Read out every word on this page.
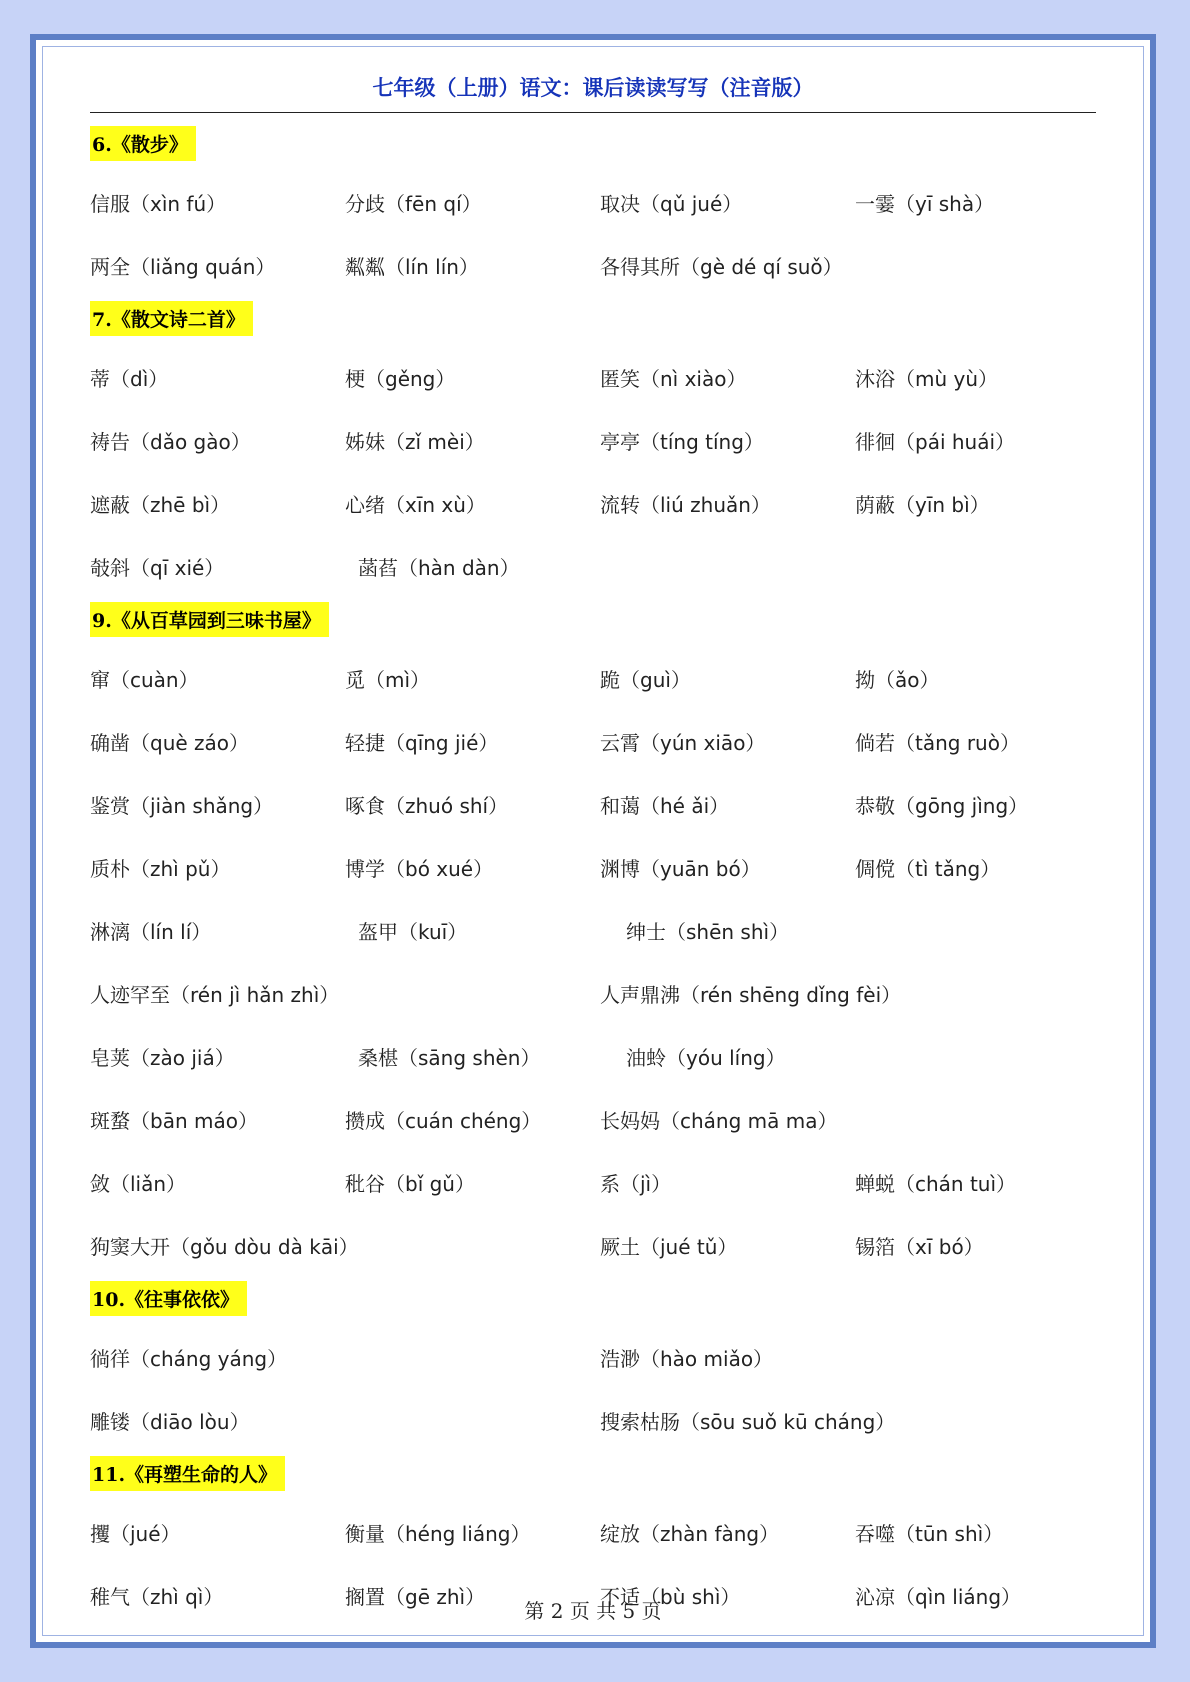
七年级（上册）语文：课后读读写写（注音版）
6.《散步》
信服（xìn fú）	分歧（fēn qí）	取决（qǔ jué）	一霎（yī shà）
两全（liǎng quán）	粼粼（lín lín）	各得其所（gè dé qí suǒ）
7.《散文诗二首》
蒂（dì）	梗（gěng）	匿笑（nì xiào）	沐浴（mù yù）
祷告（dǎo gào）	姊妹（zǐ mèi）	亭亭（tíng tíng）	徘徊（pái huái）
遮蔽（zhē bì）	心绪（xīn xù）	流转（liú zhuǎn）	荫蔽（yīn bì）
攲斜（qī xié）	菡萏（hàn dàn）
9.《从百草园到三味书屋》
窜（cuàn）	觅（mì）	跪（guì）	拗（ǎo）
确凿（què záo）	轻捷（qīng jié）	云霄（yún xiāo）	倘若（tǎng ruò）
鉴赏（jiàn shǎng）	啄食（zhuó shí）	和蔼（hé ǎi）	恭敬（gōng jìng）
质朴（zhì pǔ）	博学（bó xué）	渊博（yuān bó）	倜傥（tì tǎng）
淋漓（lín lí）	盔甲（kuī）	绅士（shēn shì）
人迹罕至（rén jì hǎn zhì）	人声鼎沸（rén shēng dǐng fèi）
皂荚（zào jiá）	桑椹（sāng shèn）	油蛉（yóu líng）
斑蝥（bān máo）	攒成（cuán chéng）	长妈妈（cháng mā ma）
敛（liǎn）	秕谷（bǐ gǔ）	系（jì）	蝉蜕（chán tuì）
狗窦大开（gǒu dòu dà kāi）	厥土（jué tǔ）	锡箔（xī bó）
10.《往事依依》
徜徉（cháng yáng）	浩渺（hào miǎo）
雕镂（diāo lòu）	搜索枯肠（sōu suǒ kū cháng）
11.《再塑生命的人》
攫（jué）	衡量（héng liáng）	绽放（zhàn fàng）	吞噬（tūn shì）
稚气（zhì qì）	搁置（gē zhì）	不适（bù shì）	沁凉（qìn liáng）
第 2 页 共 5 页
